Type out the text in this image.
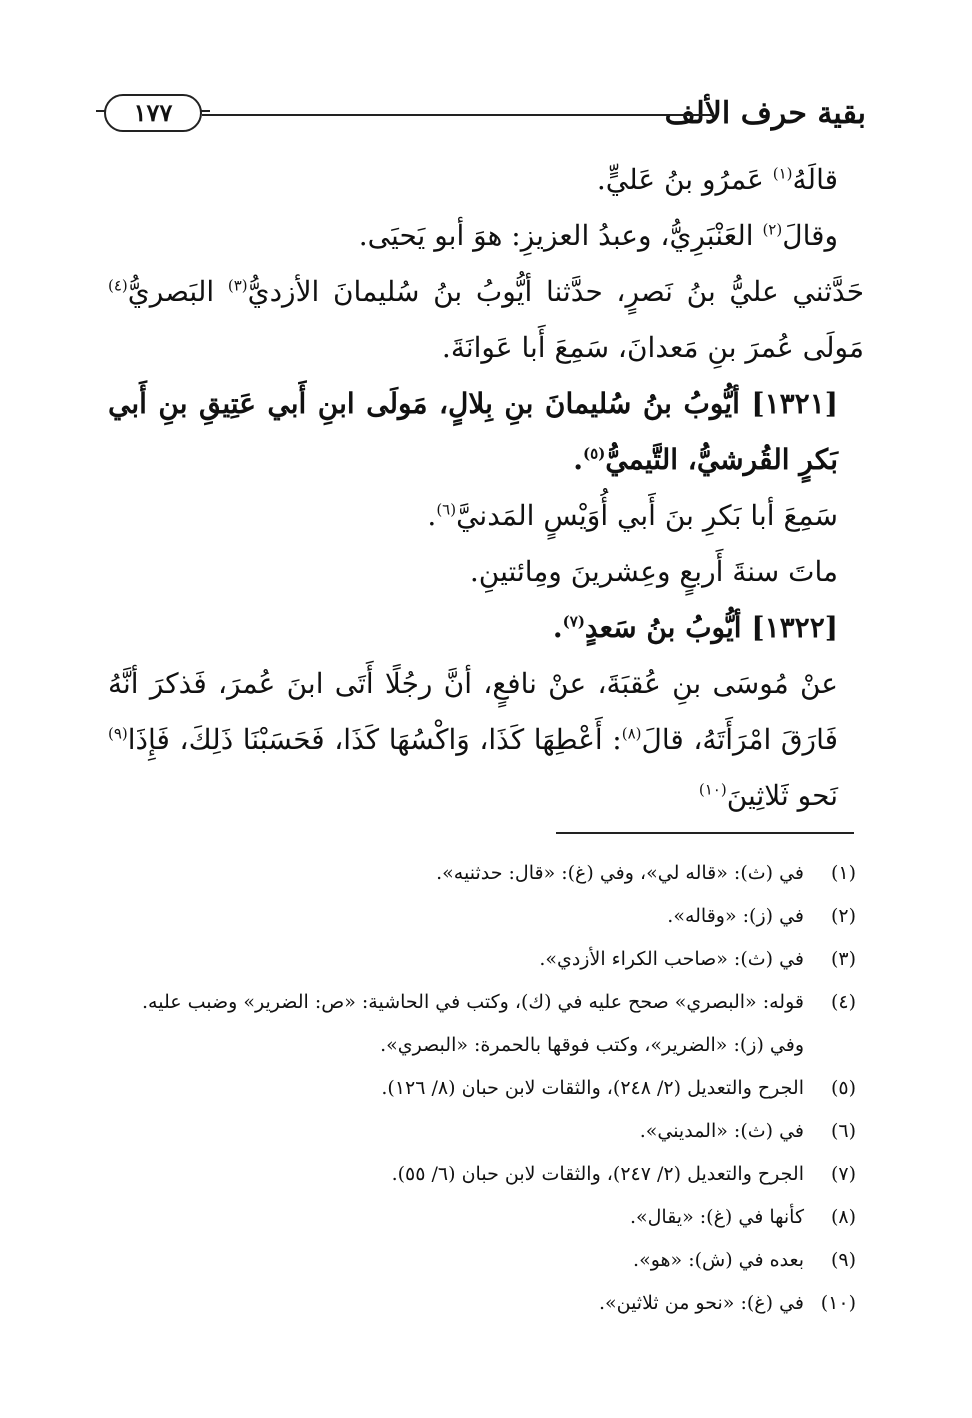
بقية حرف الألف
١٧٧

قالَهُ$^{(١)}$ عَمرُو بنُ عَليٍّ.

وقالَ$^{(٢)}$ العَنْبَرِيُّ، وعبدُ العزيزِ: هوَ أبو يَحيَى.

حَدَّثني عليُّ بنُ نَصرٍ، حدَّثنا أيُّوبُ بنُ سُليمانَ الأزديُّ$^{(٣)}$ البَصريُّ$^{(٤)}$ مَولَى عُمرَ بنِ مَعدانَ، سَمِعَ أَبا عَوانَةَ.

[١٣٢١] أيُّوبُ بنُ سُليمانَ بنِ بِلالٍ، مَولَى ابنِ أَبي عَتِيقِ بنِ أَبي بَكرٍ القُرشيُّ، التَّيميُّ$^{(٥)}$.

سَمِعَ أبا بَكرِ بنَ أَبي أُوَيْسٍ المَدنيَّ$^{(٦)}$.

ماتَ سنةَ أَربعٍ وعِشرينَ ومِائتينِ.

[١٣٢٢] أيُّوبُ بنُ سَعدٍ$^{(٧)}$.

عنْ مُوسَى بنِ عُقبَةَ، عنْ نافعٍ، أنَّ رجُلًا أَتَى ابنَ عُمرَ، فَذكرَ أنَّهُ فَارَقَ امْرَأَتَهُ، قالَ$^{(٨)}$: أَعْطِهَا كَذَا، وَاكْسُهَا كَذَا، فَحَسَبْنَا ذَلِكَ، فَإِذَا$^{(٩)}$ نَحو ثَلاثِينَ$^{(١٠)}$

(١)
في (ث): «قاله لي»، وفي (غ): «قال: حدثنيه».
(٢)
في (ز): «وقاله».
(٣)
في (ث): «صاحب الكراء الأزدي».
(٤)
قوله: «البصري» صحح عليه في (ك)، وكتب في الحاشية: «ص: الضرير» وضبب عليه.
وفي (ز): «الضرير»، وكتب فوقها بالحمرة: «البصري».
(٥)
الجرح والتعديل (٢/ ٢٤٨)، والثقات لابن حبان (٨/ ١٢٦).
(٦)
في (ث): «المديني».
(٧)
الجرح والتعديل (٢/ ٢٤٧)، والثقات لابن حبان (٦/ ٥٥).
(٨)
كأنها في (غ): «يقال».
(٩)
بعده في (ش): «هو».
(١٠)
في (غ): «نحو من ثلاثين».
